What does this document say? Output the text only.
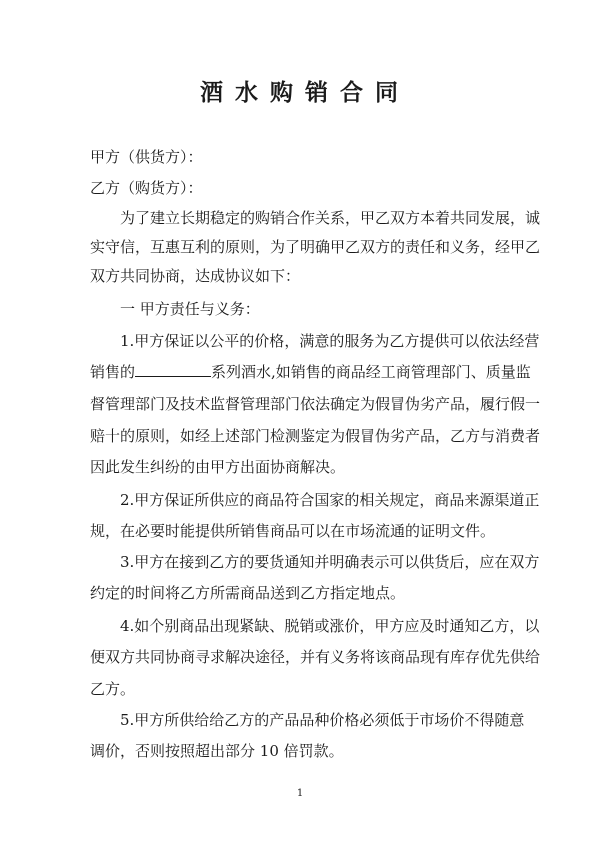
酒水购销合同
甲方（供货方）：
乙方（购货方）：
为了建立长期稳定的购销合作关系，甲乙双方本着共同发展，诚
实守信，互惠互利的原则，为了明确甲乙双方的责任和义务，经甲乙
双方共同协商，达成协议如下：
一 甲方责任与义务：
1.甲方保证以公平的价格，满意的服务为乙方提供可以依法经营
销售的	系列酒水,如销售的商品经工商管理部门、质量监
督管理部门及技术监督管理部门依法确定为假冒伪劣产品，履行假一
赔十的原则，如经上述部门检测鉴定为假冒伪劣产品，乙方与消费者
因此发生纠纷的由甲方出面协商解决。
2.甲方保证所供应的商品符合国家的相关规定，商品来源渠道正
规，在必要时能提供所销售商品可以在市场流通的证明文件。
3.甲方在接到乙方的要货通知并明确表示可以供货后，应在双方
约定的时间将乙方所需商品送到乙方指定地点。
4.如个别商品出现紧缺、脱销或涨价，甲方应及时通知乙方，以
便双方共同协商寻求解决途径，并有义务将该商品现有库存优先供给
乙方。
5.甲方所供给给乙方的产品品种价格必须低于市场价不得随意
调价，否则按照超出部分 10 倍罚款。
1
